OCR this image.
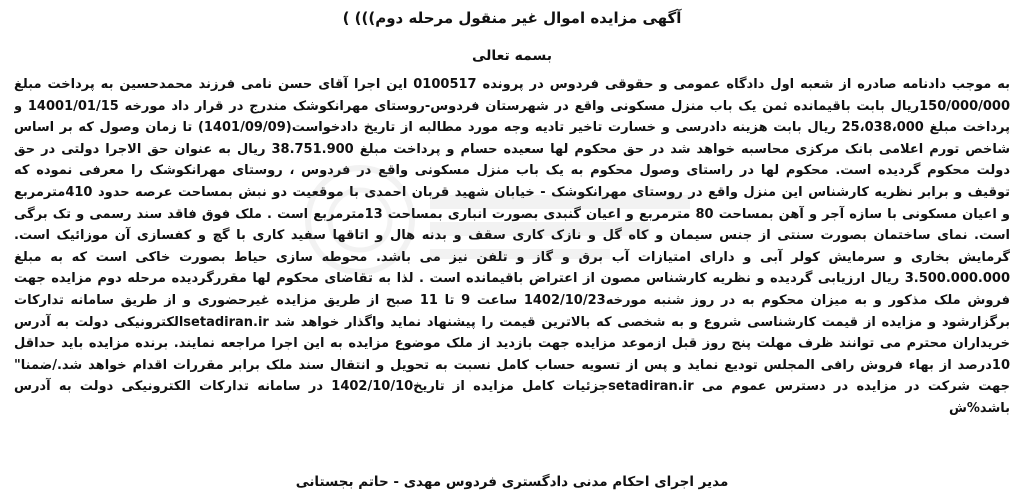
آگهی مزایده اموال غیر منقول مرحله دوم))) )
بسمه تعالی

به موجب دادنامه صادره از شعبه اول دادگاه عمومی و حقوقی فردوس در پرونده 0100517 این اجرا آقای حسن نامی فرزند محمدحسین به پرداخت مبلغ 150/000/000ریال بابت باقیمانده ثمن یک باب منزل مسکونی واقع در شهرستان فردوس-روستای مهرانکوشک مندرج در قرار داد مورخه 14001/01/15 و پرداخت مبلغ 25،038،000 ریال بابت هزینه دادرسی و خسارت تاخیر تادیه وجه مورد مطالبه از تاریخ دادخواست(1401/09/09) تا زمان وصول که بر اساس شاخص تورم اعلامی بانک مرکزی محاسبه خواهد شد در حق محکوم لها سعیده حسام و پرداخت مبلغ 38.751.900 ریال به عنوان حق الاجرا دولتی در حق دولت محکوم گردیده است. محکوم لها در راستای وصول محکوم به یک باب منزل مسکونی واقع در فردوس ، روستای مهرانکوشک را معرفی نموده که توقیف و برابر نظریه کارشناس این منزل واقع در روستای مهرانکوشک - خیابان شهید قربان احمدی با موقعیت دو نبش بمساحت عرصه حدود 410مترمربع و اعیان مسکونی با سازه آجر و آهن بمساحت 80 مترمربع و اعیان گنبدی بصورت انباری بمساحت 13مترمربع است . ملک فوق فاقد سند رسمی و تک برگی است. نمای ساختمان بصورت سنتی از جنس سیمان و کاه گل و نازک کاری سقف و بدنه هال و اتاقها سفید کاری با گچ و کفسازی آن موزائیک است. گرمایش بخاری و سرمایش کولر آبی و دارای امتیازات آب برق و گاز و تلفن نیز می باشد. محوطه سازی حیاط بصورت خاکی است که به مبلغ 3.500.000.000 ریال ارزیابی گردیده و نظریه کارشناس مصون از اعتراض باقیمانده است . لذا به تقاضای محکوم لها مقررگردیده مرحله دوم مزایده جهت فروش ملک مذکور و به میزان محکوم به در روز شنبه مورخه1402/10/23 ساعت 9 تا 11 صبح از طریق مزایده غیرحضوری و از طریق سامانه تدارکات برگزارشود و مزایده از قیمت کارشناسی شروع و به شخصی که بالاترین قیمت را پیشنهاد نماید واگذار خواهد شد setadiran.irالکترونیکی دولت به آدرس خریداران محترم می توانند ظرف مهلت پنج روز قبل ازموعد مزایده جهت بازدید از ملک موضوع مزایده به این اجرا مراجعه نمایند. برنده مزایده باید حداقل 10درصد از بهاء فروش رافی المجلس تودیع نماید و پس از تسویه حساب کامل نسبت به تحویل و انتقال سند ملک برابر مقررات اقدام خواهد شد./ضمنا" جهت شرکت در مزایده در دسترس عموم می setadiran.irجزئیات کامل مزایده از تاریخ1402/10/10 در سامانه تدارکات الکترونیکی دولت به آدرس باشد%ش

مدیر اجرای احکام مدنی دادگستری فردوس مهدی - حاتم بجستانی
